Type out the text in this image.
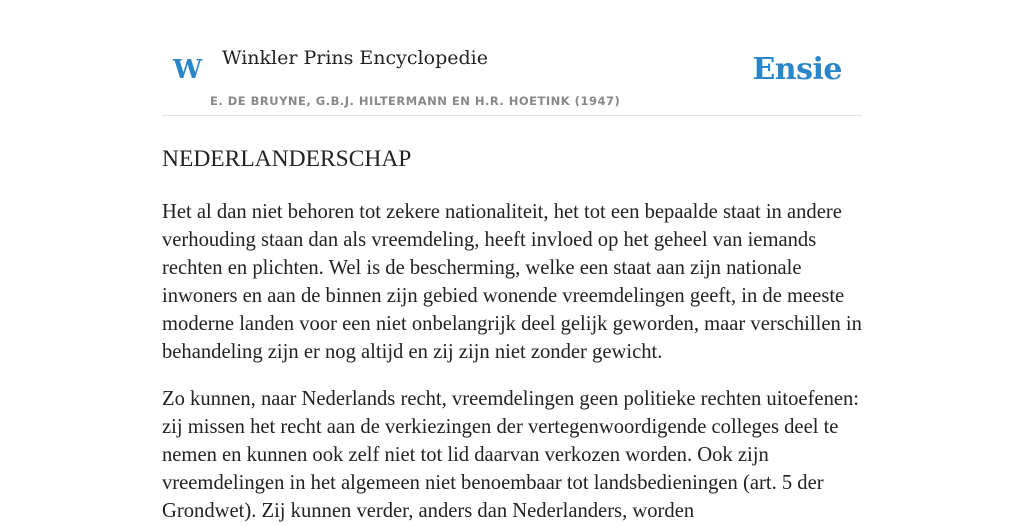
W Winkler Prins Encyclopedie
E. DE BRUYNE, G.B.J. HILTERMANN EN H.R. HOETINK (1947)
Ensie
NEDERLANDERSCHAP

Het al dan niet behoren tot zekere nationaliteit, het tot een bepaalde staat in andere verhouding staan dan als vreemdeling, heeft invloed op het geheel van iemands rechten en plichten. Wel is de bescherming, welke een staat aan zijn nationale inwoners en aan de binnen zijn gebied wonende vreemdelingen geeft, in de meeste moderne landen voor een niet onbelangrijk deel gelijk geworden, maar verschillen in behandeling zijn er nog altijd en zij zijn niet zonder gewicht.

Zo kunnen, naar Nederlands recht, vreemdelingen geen politieke rechten uitoefenen: zij missen het recht aan de verkiezingen der vertegenwoordigende colleges deel te nemen en kunnen ook zelf niet tot lid daarvan verkozen worden. Ook zijn vreemdelingen in het algemeen niet benoembaar tot landsbedieningen (art. 5 der Grondwet). Zij kunnen verder, anders dan Nederlanders, worden
